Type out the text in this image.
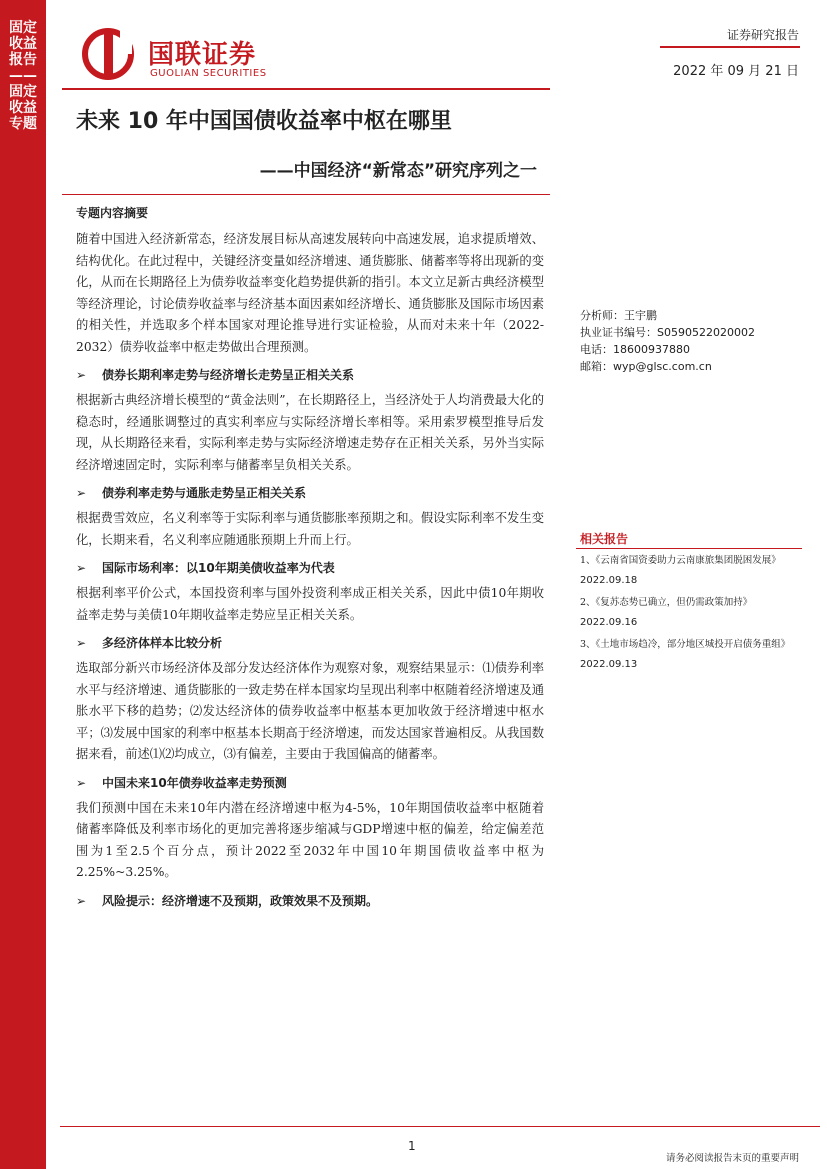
固定收益报告——固定收益专题
国联证券
GUOLIAN SECURITIES
证券研究报告
2022 年 09 月 21 日
未来 10 年中国国债收益率中枢在哪里
——中国经济“新常态”研究序列之一
专题内容摘要

随着中国进入经济新常态，经济发展目标从高速发展转向中高速发展，追求提质增效、结构优化。在此过程中，关键经济变量如经济增速、通货膨胀、储蓄率等将出现新的变化，从而在长期路径上为债券收益率变化趋势提供新的指引。本文立足新古典经济模型等经济理论，讨论债券收益率与经济基本面因素如经济增长、通货膨胀及国际市场因素的相关性，并选取多个样本国家对理论推导进行实证检验，从而对未来十年（2022-2032）债券收益率中枢走势做出合理预测。

➢ 债券长期利率走势与经济增长走势呈正相关关系

根据新古典经济增长模型的“黄金法则”，在长期路径上，当经济处于人均消费最大化的稳态时，经通胀调整过的真实利率应与实际经济增长率相等。采用索罗模型推导后发现，从长期路径来看，实际利率走势与实际经济增速走势存在正相关关系，另外当实际经济增速固定时，实际利率与储蓄率呈负相关关系。

➢ 债券利率走势与通胀走势呈正相关关系

根据费雪效应，名义利率等于实际利率与通货膨胀率预期之和。假设实际利率不发生变化，长期来看，名义利率应随通胀预期上升而上行。

➢ 国际市场利率：以10年期美债收益率为代表

根据利率平价公式，本国投资利率与国外投资利率成正相关关系，因此中债10年期收益率走势与美债10年期收益率走势应呈正相关关系。

➢ 多经济体样本比较分析

选取部分新兴市场经济体及部分发达经济体作为观察对象，观察结果显示：⑴债券利率水平与经济增速、通货膨胀的一致走势在样本国家均呈现出利率中枢随着经济增速及通胀水平下移的趋势；⑵发达经济体的债券收益率中枢基本更加收敛于经济增速中枢水平；⑶发展中国家的利率中枢基本长期高于经济增速，而发达国家普遍相反。从我国数据来看，前述⑴⑵均成立，⑶有偏差，主要由于我国偏高的储蓄率。

➢ 中国未来10年债券收益率走势预测

我们预测中国在未来10年内潜在经济增速中枢为4-5%，10年期国债收益率中枢随着储蓄率降低及利率市场化的更加完善将逐步缩减与GDP增速中枢的偏差，给定偏差范围为1至2.5个百分点，预计2022至2032年中国10年期国债收益率中枢为2.25%~3.25%。

➢ 风险提示：经济增速不及预期，政策效果不及预期。
分析师：王宇鹏
执业证书编号：S0590522020002
电话：18600937880
邮箱：wyp@glsc.com.cn
相关报告
1、《云南省国资委助力云南康旅集团脱困发展》
2022.09.18
2、《复苏态势已确立，但仍需政策加持》
2022.09.16
3、《土地市场趋冷，部分地区城投开启债务重组》
2022.09.13
1
请务必阅读报告末页的重要声明
